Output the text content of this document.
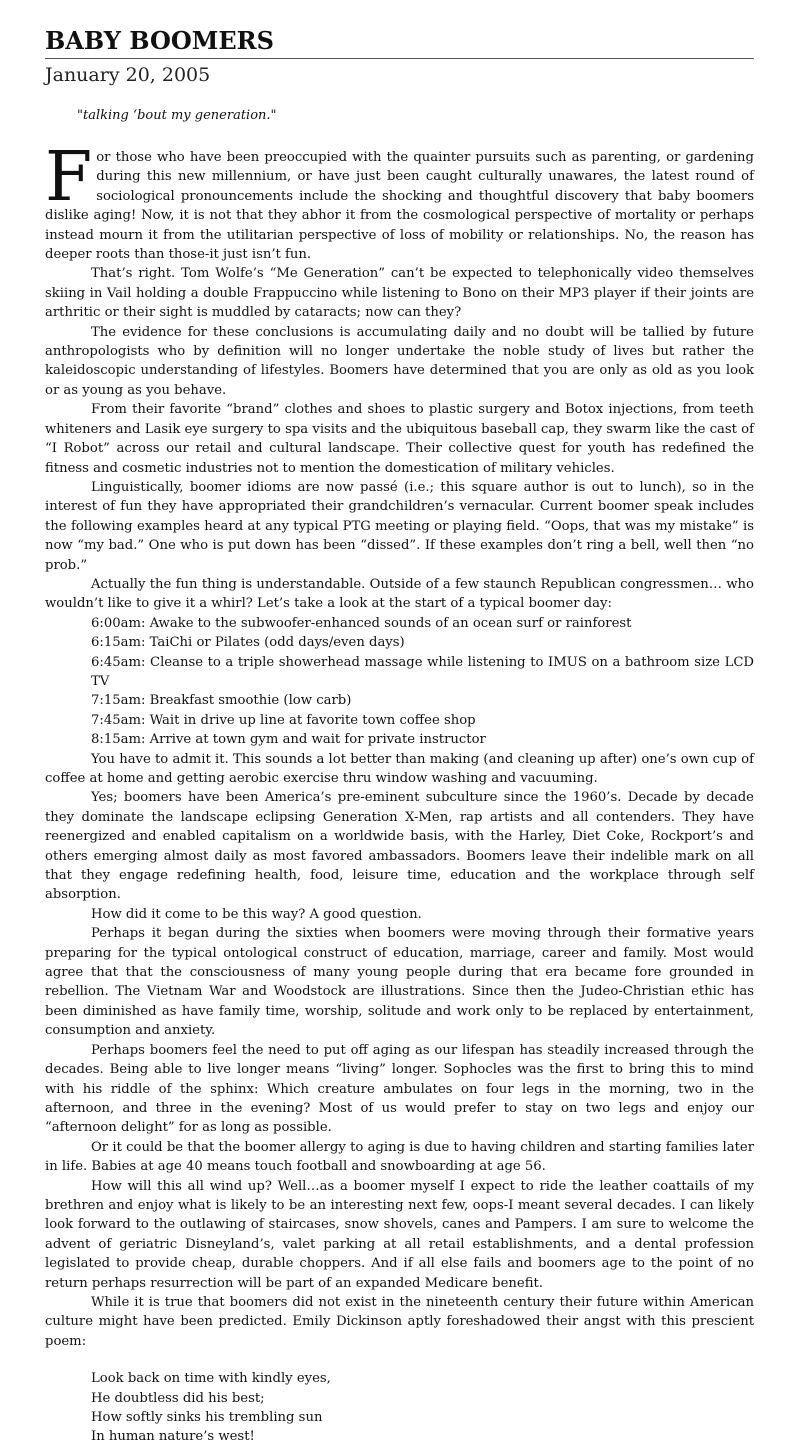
BABY BOOMERS
January 20, 2005
"talking ‘bout my generation."

For those who have been preoccupied with the quainter pursuits such as parenting, or gardening during this new millennium, or have just been caught culturally unawares, the latest round of sociological pronouncements include the shocking and thoughtful discovery that baby boomers dislike aging! Now, it is not that they abhor it from the cosmological perspective of mortality or perhaps instead mourn it from the utilitarian perspective of loss of mobility or relationships. No, the reason has deeper roots than those-it just isn’t fun.

That’s right. Tom Wolfe’s “Me Generation” can’t be expected to telephonically video themselves skiing in Vail holding a double Frappuccino while listening to Bono on their MP3 player if their joints are arthritic or their sight is muddled by cataracts; now can they?

The evidence for these conclusions is accumulating daily and no doubt will be tallied by future anthropologists who by definition will no longer undertake the noble study of lives but rather the kaleidoscopic understanding of lifestyles. Boomers have determined that you are only as old as you look or as young as you behave.

From their favorite “brand” clothes and shoes to plastic surgery and Botox injections, from teeth whiteners and Lasik eye surgery to spa visits and the ubiquitous baseball cap, they swarm like the cast of “I Robot” across our retail and cultural landscape. Their collective quest for youth has redefined the fitness and cosmetic industries not to mention the domestication of military vehicles.

Linguistically, boomer idioms are now passé (i.e.; this square author is out to lunch), so in the interest of fun they have appropriated their grandchildren’s vernacular. Current boomer speak includes the following examples heard at any typical PTG meeting or playing field. “Oops, that was my mistake” is now “my bad.” One who is put down has been “dissed”. If these examples don’t ring a bell, well then “no prob.”

Actually the fun thing is understandable. Outside of a few staunch Republican congressmen… who wouldn’t like to give it a whirl? Let’s take a look at the start of a typical boomer day:

6:00am: Awake to the subwoofer-enhanced sounds of an ocean surf or rainforest
6:15am: TaiChi or Pilates (odd days/even days)
6:45am: Cleanse to a triple showerhead massage while listening to IMUS on a bathroom size LCD TV
7:15am: Breakfast smoothie (low carb)
7:45am: Wait in drive up line at favorite town coffee shop
8:15am: Arrive at town gym and wait for private instructor

You have to admit it. This sounds a lot better than making (and cleaning up after) one’s own cup of coffee at home and getting aerobic exercise thru window washing and vacuuming.

Yes; boomers have been America’s pre-eminent subculture since the 1960’s. Decade by decade they dominate the landscape eclipsing Generation X-Men, rap artists and all contenders. They have reenergized and enabled capitalism on a worldwide basis, with the Harley, Diet Coke, Rockport’s and others emerging almost daily as most favored ambassadors. Boomers leave their indelible mark on all that they engage redefining health, food, leisure time, education and the workplace through self absorption.

How did it come to be this way? A good question.

Perhaps it began during the sixties when boomers were moving through their formative years preparing for the typical ontological construct of education, marriage, career and family. Most would agree that that the consciousness of many young people during that era became fore grounded in rebellion. The Vietnam War and Woodstock are illustrations. Since then the Judeo-Christian ethic has been diminished as have family time, worship, solitude and work only to be replaced by entertainment, consumption and anxiety.

Perhaps boomers feel the need to put off aging as our lifespan has steadily increased through the decades. Being able to live longer means “living” longer. Sophocles was the first to bring this to mind with his riddle of the sphinx: Which creature ambulates on four legs in the morning, two in the afternoon, and three in the evening? Most of us would prefer to stay on two legs and enjoy our “afternoon delight” for as long as possible.

Or it could be that the boomer allergy to aging is due to having children and starting families later in life. Babies at age 40 means touch football and snowboarding at age 56.

How will this all wind up? Well…as a boomer myself I expect to ride the leather coattails of my brethren and enjoy what is likely to be an interesting next few, oops-I meant several decades. I can likely look forward to the outlawing of staircases, snow shovels, canes and Pampers. I am sure to welcome the advent of geriatric Disneyland’s, valet parking at all retail establishments, and a dental profession legislated to provide cheap, durable choppers. And if all else fails and boomers age to the point of no return perhaps resurrection will be part of an expanded Medicare benefit.

While it is true that boomers did not exist in the nineteenth century their future within American culture might have been predicted. Emily Dickinson aptly foreshadowed their angst with this prescient poem:

Look back on time with kindly eyes,
He doubtless did his best;
How softly sinks his trembling sun
In human nature’s west!
